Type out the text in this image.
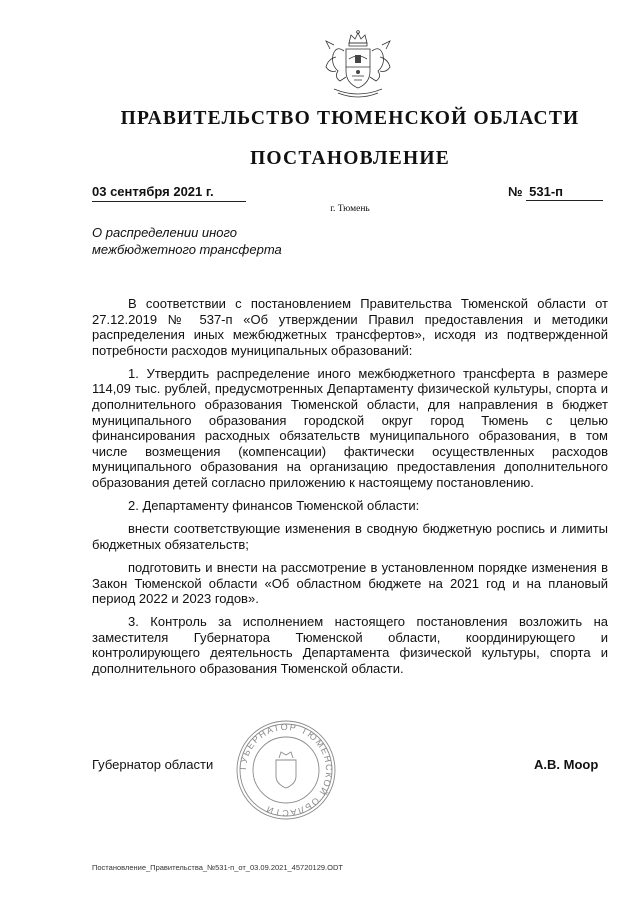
ПРАВИТЕЛЬСТВО ТЮМЕНСКОЙ ОБЛАСТИ
ПОСТАНОВЛЕНИЕ
03 сентября 2021 г.	№ 531-п
г. Тюмень
О распределении иного
межбюджетного трансферта

В соответствии с постановлением Правительства Тюменской области от 27.12.2019 № 537-п «Об утверждении Правил предоставления и методики распределения иных межбюджетных трансфертов», исходя из подтвержденной потребности расходов муниципальных образований:

1. Утвердить распределение иного межбюджетного трансферта в размере 114,09 тыс. рублей, предусмотренных Департаменту физической культуры, спорта и дополнительного образования Тюменской области, для направления в бюджет муниципального образования городской округ город Тюмень с целью финансирования расходных обязательств муниципального образования, в том числе возмещения (компенсации) фактически осуществленных расходов муниципального образования на организацию предоставления дополнительного образования детей согласно приложению к настоящему постановлению.

2. Департаменту финансов Тюменской области:

внести соответствующие изменения в сводную бюджетную роспись и лимиты бюджетных обязательств;

подготовить и внести на рассмотрение в установленном порядке изменения в Закон Тюменской области «Об областном бюджете на 2021 год и на плановый период 2022 и 2023 годов».

3. Контроль за исполнением настоящего постановления возложить на заместителя Губернатора Тюменской области, координирующего и контролирующего деятельность Департамента физической культуры, спорта и дополнительного образования Тюменской области.

ГУБЕРНАТОР ТЮМЕНСКОЙ ОБЛАСТИ
Губернатор области	А.В. Моор
Постановление_Правительства_№531-п_от_03.09.2021_45720129.ODT
